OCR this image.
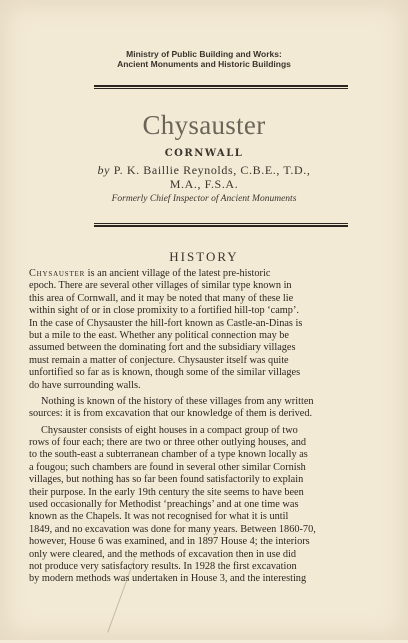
Ministry of Public Building and Works:
Ancient Monuments and Historic Buildings
Chysauster
CORNWALL
by P. K. Baillie Reynolds, C.B.E., T.D.,
M.A., F.S.A.
Formerly Chief Inspector of Ancient Monuments
HISTORY
Chysauster is an ancient village of the latest pre-historic
epoch. There are several other villages of similar type known in
this area of Cornwall, and it may be noted that many of these lie
within sight of or in close promixity to a fortified hill-top ‘camp’.
In the case of Chysauster the hill-fort known as Castle-an-Dinas is
but a mile to the east. Whether any political connection may be
assumed between the dominating fort and the subsidiary villages
must remain a matter of conjecture. Chysauster itself was quite
unfortified so far as is known, though some of the similar villages
do have surrounding walls.
Nothing is known of the history of these villages from any written
sources: it is from excavation that our knowledge of them is derived.
Chysauster consists of eight houses in a compact group of two
rows of four each; there are two or three other outlying houses, and
to the south-east a subterranean chamber of a type known locally as
a fougou; such chambers are found in several other similar Cornish
villages, but nothing has so far been found satisfactorily to explain
their purpose. In the early 19th century the site seems to have been
used occasionally for Methodist ‘preachings’ and at one time was
known as the Chapels. It was not recognised for what it is until
1849, and no excavation was done for many years. Between 1860-70,
however, House 6 was examined, and in 1897 House 4; the interiors
only were cleared, and the methods of excavation then in use did
not produce very satisfactory results. In 1928 the first excavation
by modern methods was undertaken in House 3, and the interesting
